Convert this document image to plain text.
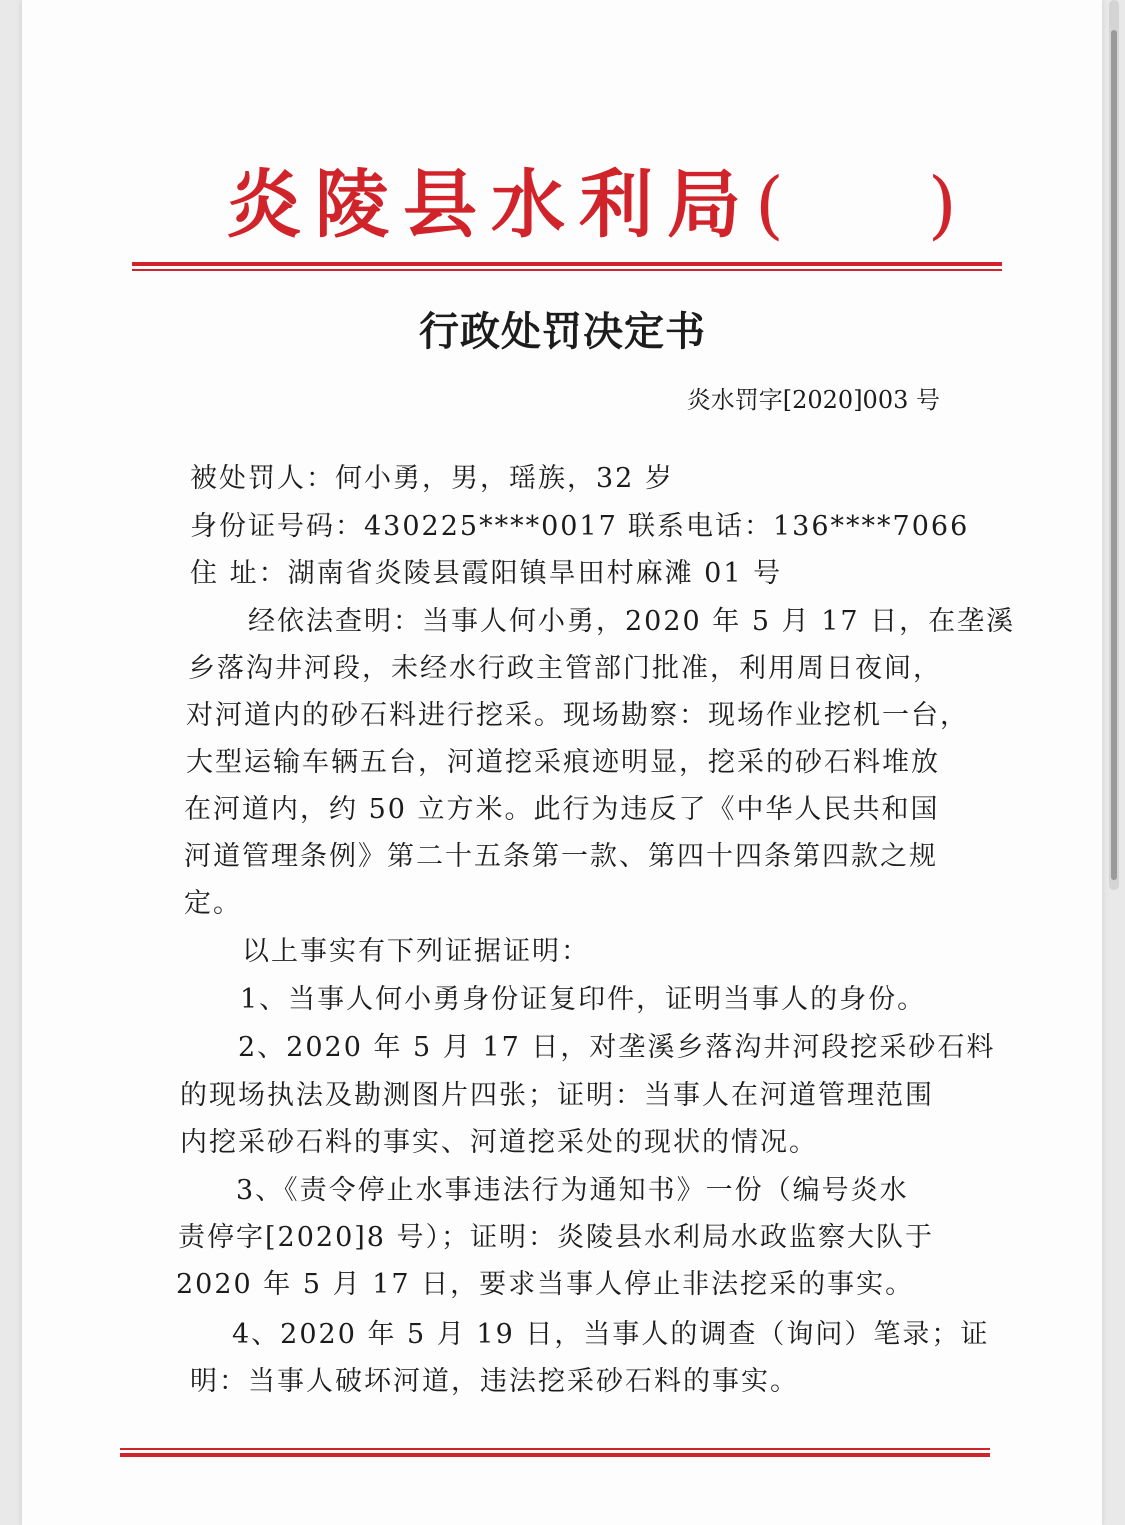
炎陵县水利局( )
行政处罚决定书
炎水罚字[2020]003 号
被处罚人：何小勇，男，瑶族，32 岁
身份证号码：430225****0017 联系电话：136****7066
住 址：湖南省炎陵县霞阳镇旱田村麻滩 01 号
经依法查明：当事人何小勇，2020 年 5 月 17 日，在垄溪
乡落沟井河段，未经水行政主管部门批准，利用周日夜间，
对河道内的砂石料进行挖采。现场勘察：现场作业挖机一台，
大型运输车辆五台，河道挖采痕迹明显，挖采的砂石料堆放
在河道内，约 50 立方米。此行为违反了《中华人民共和国
河道管理条例》第二十五条第一款、第四十四条第四款之规
定。
以上事实有下列证据证明：
1、当事人何小勇身份证复印件，证明当事人的身份。
2、2020 年 5 月 17 日，对垄溪乡落沟井河段挖采砂石料
的现场执法及勘测图片四张；证明：当事人在河道管理范围
内挖采砂石料的事实、河道挖采处的现状的情况。
3、《责令停止水事违法行为通知书》一份（编号炎水
责停字[2020]8 号）；证明：炎陵县水利局水政监察大队于
2020 年 5 月 17 日，要求当事人停止非法挖采的事实。
4、2020 年 5 月 19 日，当事人的调查（询问）笔录；证
明：当事人破坏河道，违法挖采砂石料的事实。
